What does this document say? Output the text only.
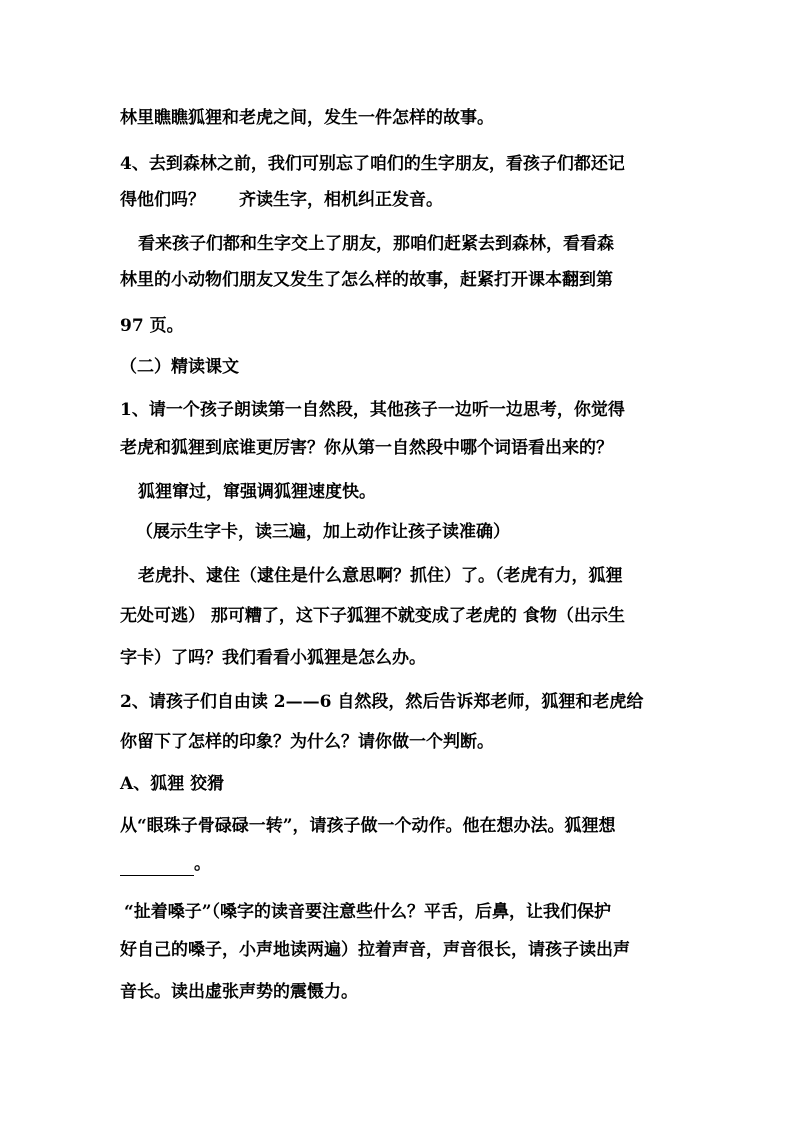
林里瞧瞧狐狸和老虎之间，发生一件怎样的故事。
4、去到森林之前，我们可别忘了咱们的生字朋友，看孩子们都还记
得他们吗？　　齐读生字，相机纠正发音。
看来孩子们都和生字交上了朋友，那咱们赶紧去到森林，看看森
林里的小动物们朋友又发生了怎么样的故事，赶紧打开课本翻到第
97 页。
（二）精读课文
1、请一个孩子朗读第一自然段，其他孩子一边听一边思考，你觉得
老虎和狐狸到底谁更厉害？你从第一自然段中哪个词语看出来的？
狐狸窜过，窜强调狐狸速度快。
（展示生字卡，读三遍，加上动作让孩子读准确）
老虎扑、逮住（逮住是什么意思啊？抓住）了。（老虎有力，狐狸
无处可逃） 那可糟了，这下子狐狸不就变成了老虎的 食物（出示生
字卡）了吗？我们看看小狐狸是怎么办。
2、请孩子们自由读 2——6 自然段，然后告诉郑老师，狐狸和老虎给
你留下了怎样的印象？为什么？请你做一个判断。
A、狐狸 狡猾
从“眼珠子骨碌碌一转”，请孩子做一个动作。他在想办法。狐狸想
。
“扯着嗓子”（嗓字的读音要注意些什么？平舌，后鼻，让我们保护
好自己的嗓子，小声地读两遍）拉着声音，声音很长，请孩子读出声
音长。读出虚张声势的震慑力。
